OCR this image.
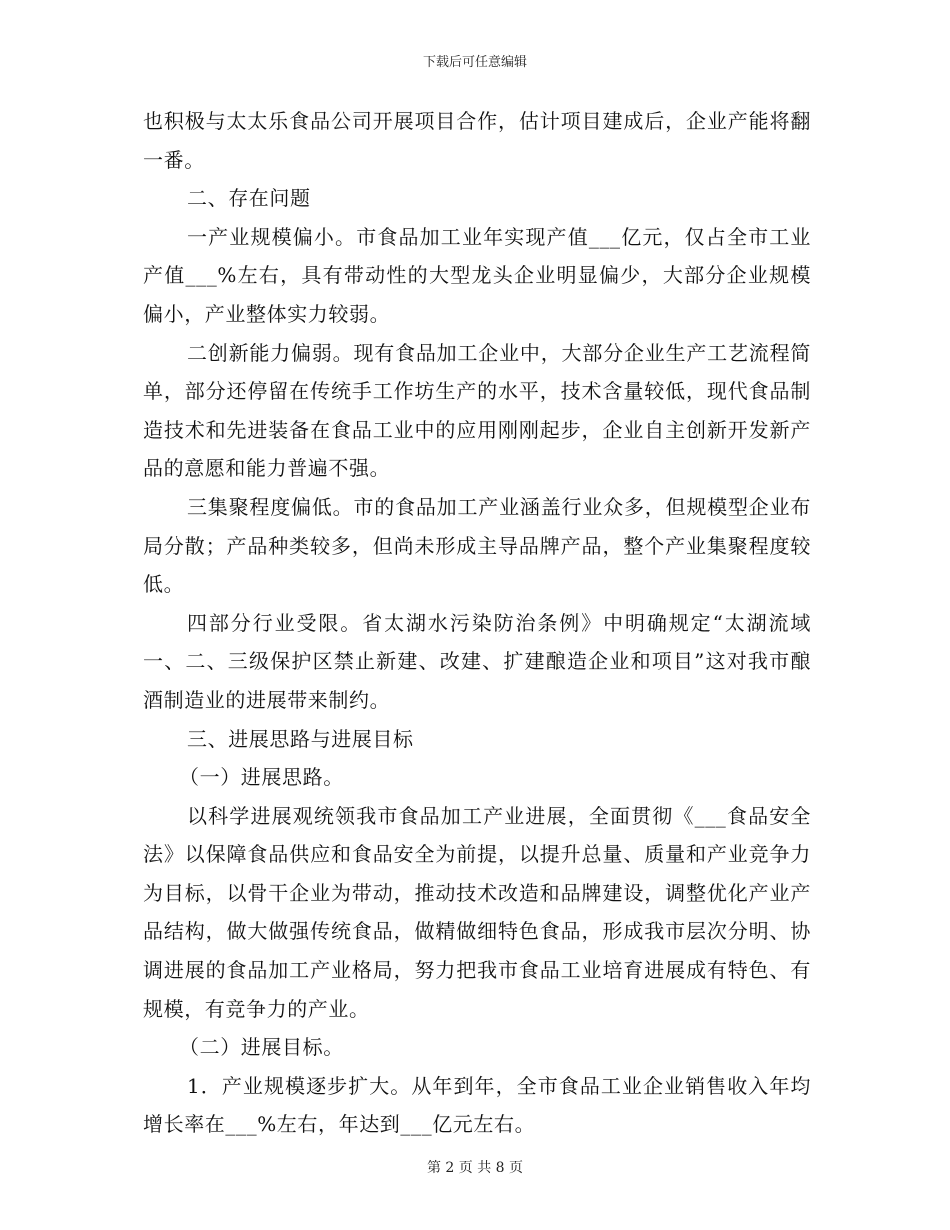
下载后可任意编辑

也积极与太太乐食品公司开展项目合作，估计项目建成后，企业产能将翻一番。

二、存在问题

一产业规模偏小。市食品加工业年实现产值___亿元，仅占全市工业产值___%左右，具有带动性的大型龙头企业明显偏少，大部分企业规模偏小，产业整体实力较弱。

二创新能力偏弱。现有食品加工企业中，大部分企业生产工艺流程简单，部分还停留在传统手工作坊生产的水平，技术含量较低，现代食品制造技术和先进装备在食品工业中的应用刚刚起步，企业自主创新开发新产品的意愿和能力普遍不强。

三集聚程度偏低。市的食品加工产业涵盖行业众多，但规模型企业布局分散；产品种类较多，但尚未形成主导品牌产品，整个产业集聚程度较低。

四部分行业受限。省太湖水污染防治条例》中明确规定“太湖流域一、二、三级保护区禁止新建、改建、扩建酿造企业和项目”这对我市酿酒制造业的进展带来制约。

三、进展思路与进展目标

（一）进展思路。

以科学进展观统领我市食品加工产业进展，全面贯彻《___食品安全法》以保障食品供应和食品安全为前提，以提升总量、质量和产业竞争力为目标，以骨干企业为带动，推动技术改造和品牌建设，调整优化产业产品结构，做大做强传统食品，做精做细特色食品，形成我市层次分明、协调进展的食品加工产业格局，努力把我市食品工业培育进展成有特色、有规模，有竞争力的产业。

（二）进展目标。

1．产业规模逐步扩大。从年到年，全市食品工业企业销售收入年均增长率在___%左右，年达到___亿元左右。

第 2 页 共 8 页
